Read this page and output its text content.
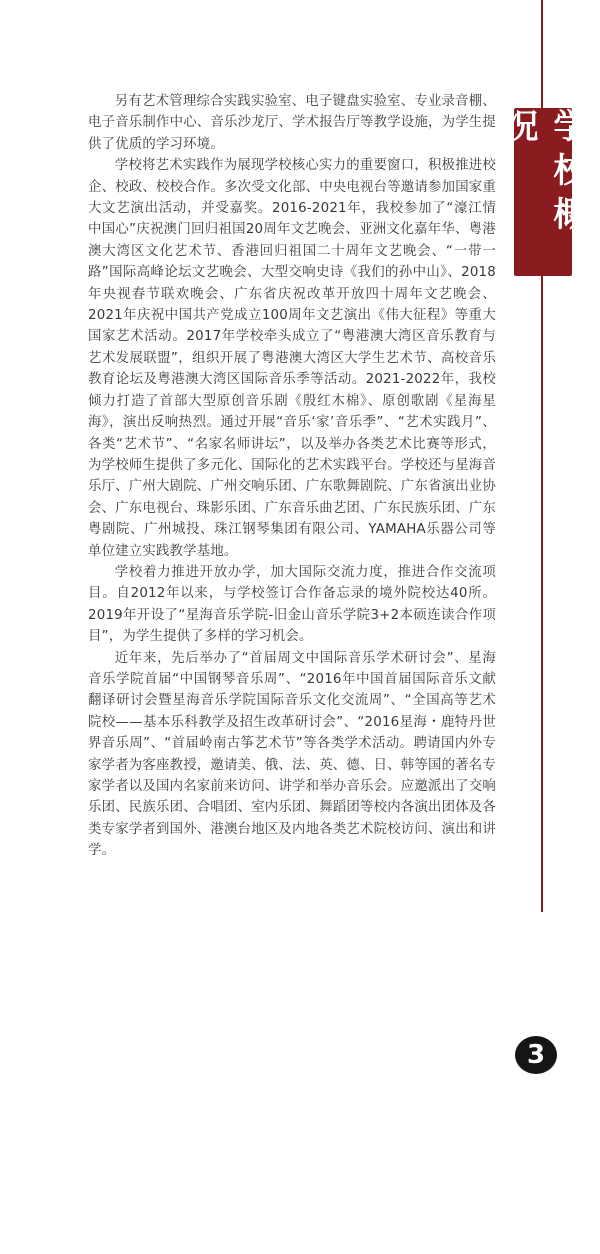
学校概况

另有艺术管理综合实践实验室、电子键盘实验室、专业录音棚、电子音乐制作中心、音乐沙龙厅、学术报告厅等教学设施，为学生提供了优质的学习环境。

学校将艺术实践作为展现学校核心实力的重要窗口，积极推进校企、校政、校校合作。多次受文化部、中央电视台等邀请参加国家重大文艺演出活动，并受嘉奖。2016-2021年，我校参加了“濠江情 中国心”庆祝澳门回归祖国20周年文艺晚会、亚洲文化嘉年华、粤港澳大湾区文化艺术节、香港回归祖国二十周年文艺晚会、“一带一路”国际高峰论坛文艺晚会、大型交响史诗《我们的孙中山》、2018年央视春节联欢晚会、广东省庆祝改革开放四十周年文艺晚会、2021年庆祝中国共产党成立100周年文艺演出《伟大征程》等重大国家艺术活动。2017年学校牵头成立了“粤港澳大湾区音乐教育与艺术发展联盟”，组织开展了粤港澳大湾区大学生艺术节、高校音乐教育论坛及粤港澳大湾区国际音乐季等活动。2021-2022年，我校倾力打造了首部大型原创音乐剧《殷红木棉》、原创歌剧《星海星海》，演出反响热烈。通过开展“音乐‘家’音乐季”、“艺术实践月”、各类“艺术节”、“名家名师讲坛”，以及举办各类艺术比赛等形式，为学校师生提供了多元化、国际化的艺术实践平台。学校还与星海音乐厅、广州大剧院、广州交响乐团、广东歌舞剧院、广东省演出业协会、广东电视台、珠影乐团、广东音乐曲艺团、广东民族乐团、广东粤剧院、广州城投、珠江钢琴集团有限公司、YAMAHA乐器公司等单位建立实践教学基地。

学校着力推进开放办学，加大国际交流力度，推进合作交流项目。自2012年以来，与学校签订合作备忘录的境外院校达40所。2019年开设了“星海音乐学院-旧金山音乐学院3+2本硕连读合作项目”，为学生提供了多样的学习机会。

近年来，先后举办了“首届周文中国际音乐学术研讨会”、星海音乐学院首届“中国钢琴音乐周”、“2016年中国首届国际音乐文献翻译研讨会暨星海音乐学院国际音乐文化交流周”、“全国高等艺术院校——基本乐科教学及招生改革研讨会”、“2016星海・鹿特丹世界音乐周”、“首届岭南古筝艺术节”等各类学术活动。聘请国内外专家学者为客座教授，邀请美、俄、法、英、德、日、韩等国的著名专家学者以及国内名家前来访问、讲学和举办音乐会。应邀派出了交响乐团、民族乐团、合唱团、室内乐团、舞蹈团等校内各演出团体及各类专家学者到国外、港澳台地区及内地各类艺术院校访问、演出和讲学。

3
